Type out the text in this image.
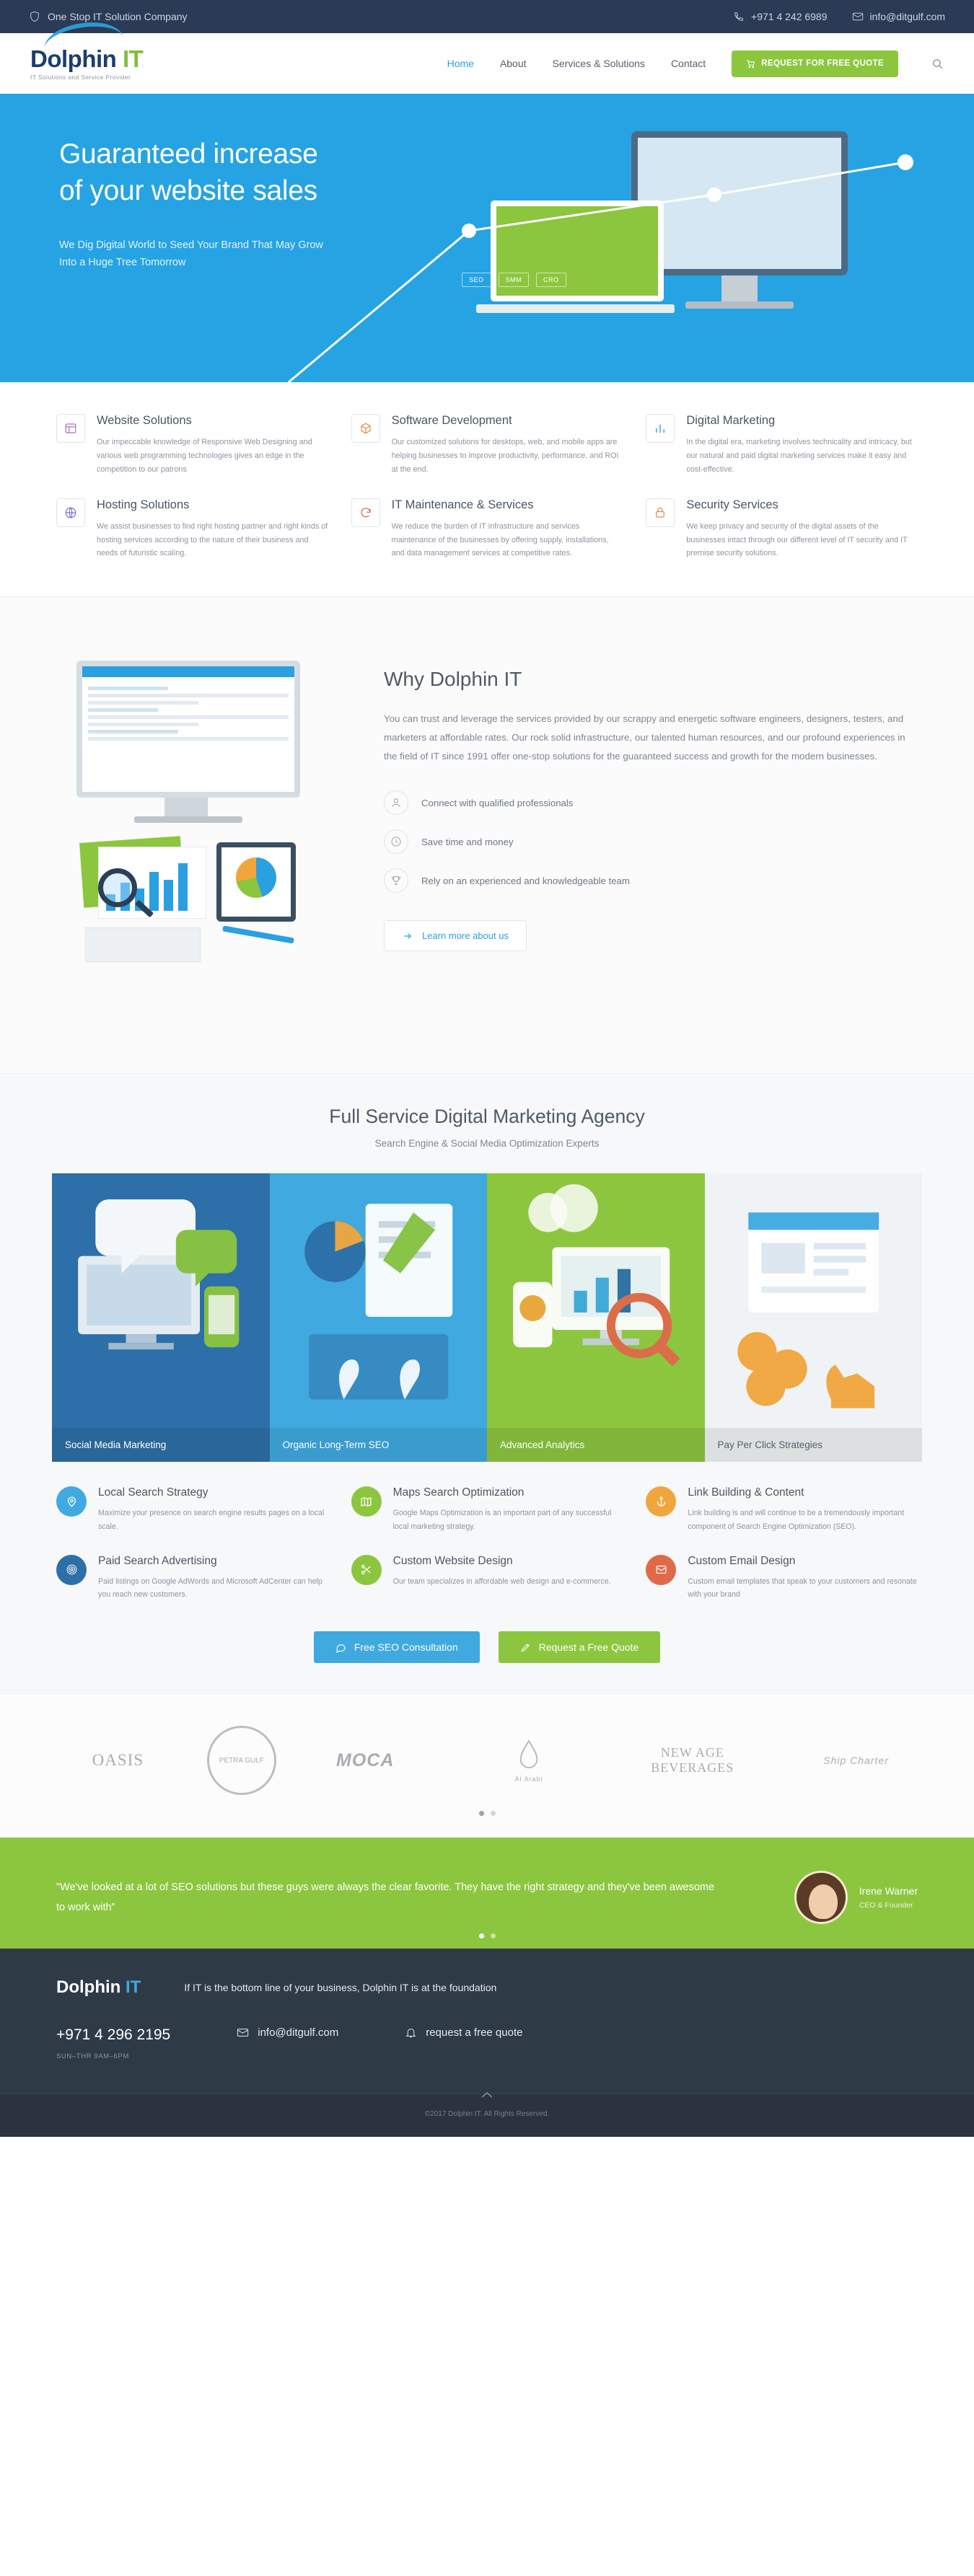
One Stop IT Solution Company	+971 4 242 6989	info@ditgulf.com
Dolphin IT
IT Solutions and Service Provider
Home	About	Services & Solutions	Contact	REQUEST FOR FREE QUOTE
Guaranteed increase
of your website sales

We Dig Digital World to Seed Your Brand That May Grow
Into a Huge Tree Tomorrow

SEO	SMM	CRO
Website Solutions

Our impeccable knowledge of Responsive Web Designing and various web programming technologies gives an edge in the competition to our patrons

Software Development

Our customized solutions for desktops, web, and mobile apps are helping businesses to improve productivity, performance, and ROI at the end.

Digital Marketing

In the digital era, marketing involves technicality and intricacy, but our natural and paid digital marketing services make it easy and cost-effective.

Hosting Solutions

We assist businesses to find right hosting partner and right kinds of hosting services according to the nature of their business and needs of futuristic scaling.

IT Maintenance & Services

We reduce the burden of IT infrastructure and services maintenance of the businesses by offering supply, installations, and data management services at competitive rates.

Security Services

We keep privacy and security of the digital assets of the businesses intact through our different level of IT security and IT premise security solutions.

Why Dolphin IT

You can trust and leverage the services provided by our scrappy and energetic software engineers, designers, testers, and marketers at affordable rates. Our rock solid infrastructure, our talented human resources, and our profound experiences in the field of IT since 1991 offer one-stop solutions for the guaranteed success and growth for the modern businesses.

Connect with qualified professionals
Save time and money
Rely on an experienced and knowledgeable team
Learn more about us
Full Service Digital Marketing Agency
Search Engine & Social Media Optimization Experts
Social Media Marketing	Organic Long-Term SEO	Advanced Analytics	Pay Per Click Strategies
Local Search Strategy

Maximize your presence on search engine results pages on a local scale.

Maps Search Optimization

Google Maps Optimization is an important part of any successful local marketing strategy.

Link Building & Content

Link building is and will continue to be a tremendously important component of Search Engine Optimization (SEO).

Paid Search Advertising

Paid listings on Google AdWords and Microsoft AdCenter can help you reach new customers.

Custom Website Design

Our team specializes in affordable web design and e-commerce.

Custom Email Design

Custom email templates that speak to your customers and resonate with your brand

Free SEO Consultation	Request a Free Quote
OASIS	PETRA GULF	MOCA
Al Arabi
NEW AGE BEVERAGES	Ship Charter
"We've looked at a lot of SEO solutions but these guys were always the clear favorite. They have the right strategy and they've been awesome to work with"
Irene Warner
CEO & Founder
Dolphin IT	If IT is the bottom line of your business, Dolphin IT is at the foundation
+971 4 296 2195
SUN–THR 9AM–6PM
info@ditgulf.com	request a free quote
©2017 Dolphin IT. All Rights Reserved.
